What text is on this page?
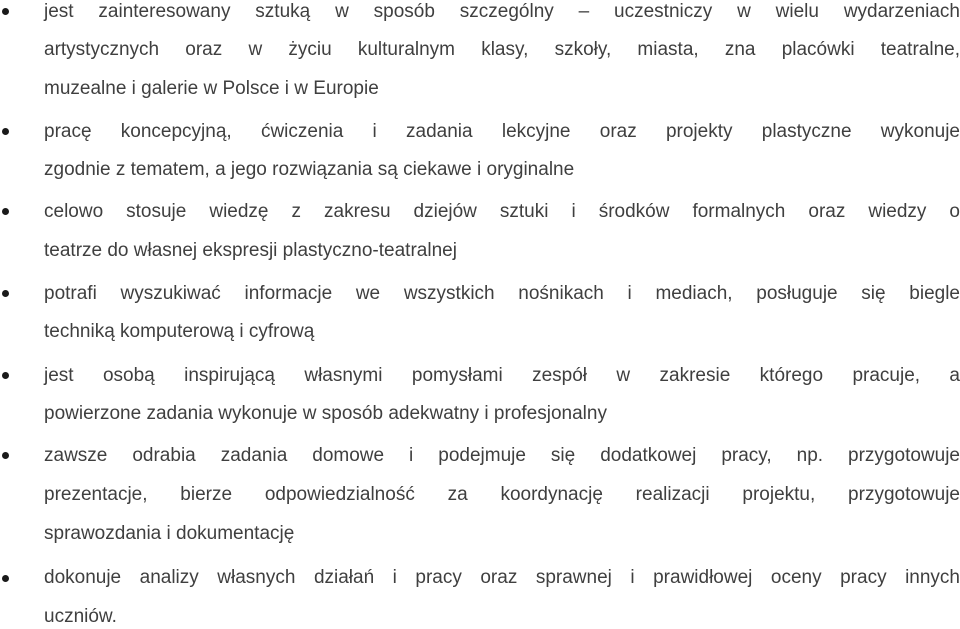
jest zainteresowany sztuką w sposób szczególny – uczestniczy w wielu wydarzeniach
artystycznych oraz w życiu kulturalnym klasy, szkoły, miasta, zna placówki teatralne,
muzealne i galerie w Polsce i w Europie
pracę koncepcyjną, ćwiczenia i zadania lekcyjne oraz projekty plastyczne wykonuje
zgodnie z tematem, a jego rozwiązania są ciekawe i oryginalne
celowo stosuje wiedzę z zakresu dziejów sztuki i środków formalnych oraz wiedzy o
teatrze do własnej ekspresji plastyczno-teatralnej
potrafi wyszukiwać informacje we wszystkich nośnikach i mediach, posługuje się biegle
techniką komputerową i cyfrową
jest osobą inspirującą własnymi pomysłami zespół w zakresie którego pracuje, a
powierzone zadania wykonuje w sposób adekwatny i profesjonalny
zawsze odrabia zadania domowe i podejmuje się dodatkowej pracy, np. przygotowuje
prezentacje, bierze odpowiedzialność za koordynację realizacji projektu, przygotowuje
sprawozdania i dokumentację
dokonuje analizy własnych działań i pracy oraz sprawnej i prawidłowej oceny pracy innych
uczniów.
